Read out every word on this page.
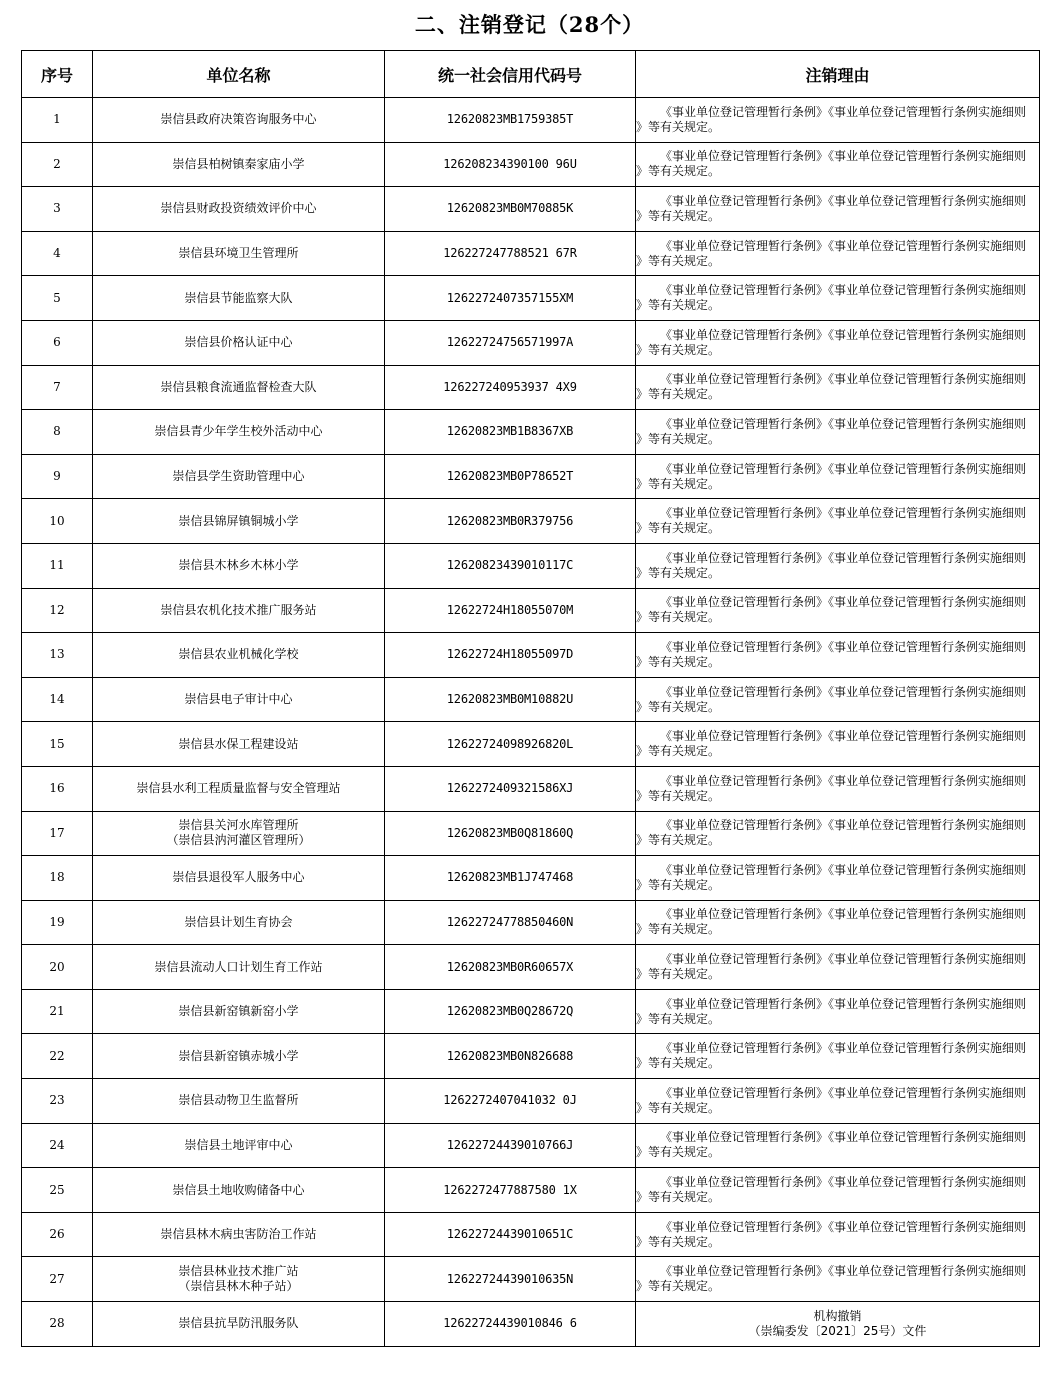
二、注销登记（28个）
序号	单位名称	统一社会信用代码号	注销理由
1	崇信县政府决策咨询服务中心	12620823MB1759385T	《事业单位登记管理暂行条例》《事业单位登记管理暂行条例实施细则
》等有关规定。

2	崇信县柏树镇秦家庙小学	126208234390100 96U	《事业单位登记管理暂行条例》《事业单位登记管理暂行条例实施细则
》等有关规定。

3	崇信县财政投资绩效评价中心	12620823MB0M70885K	《事业单位登记管理暂行条例》《事业单位登记管理暂行条例实施细则
》等有关规定。

4	崇信县环境卫生管理所	126227247788521 67R	《事业单位登记管理暂行条例》《事业单位登记管理暂行条例实施细则
》等有关规定。

5	崇信县节能监察大队	1262272407357155XM	《事业单位登记管理暂行条例》《事业单位登记管理暂行条例实施细则
》等有关规定。

6	崇信县价格认证中心	12622724756571997A	《事业单位登记管理暂行条例》《事业单位登记管理暂行条例实施细则
》等有关规定。

7	崇信县粮食流通监督检查大队	126227240953937 4X9	《事业单位登记管理暂行条例》《事业单位登记管理暂行条例实施细则
》等有关规定。

8	崇信县青少年学生校外活动中心	12620823MB1B8367XB	《事业单位登记管理暂行条例》《事业单位登记管理暂行条例实施细则
》等有关规定。

9	崇信县学生资助管理中心	12620823MB0P78652T	《事业单位登记管理暂行条例》《事业单位登记管理暂行条例实施细则
》等有关规定。

10	崇信县锦屏镇铜城小学	12620823MB0R379756	《事业单位登记管理暂行条例》《事业单位登记管理暂行条例实施细则
》等有关规定。

11	崇信县木林乡木林小学	12620823439010117C	《事业单位登记管理暂行条例》《事业单位登记管理暂行条例实施细则
》等有关规定。

12	崇信县农机化技术推广服务站	12622724H18055070M	《事业单位登记管理暂行条例》《事业单位登记管理暂行条例实施细则
》等有关规定。

13	崇信县农业机械化学校	12622724H18055097D	《事业单位登记管理暂行条例》《事业单位登记管理暂行条例实施细则
》等有关规定。

14	崇信县电子审计中心	12620823MB0M10882U	《事业单位登记管理暂行条例》《事业单位登记管理暂行条例实施细则
》等有关规定。

15	崇信县水保工程建设站	12622724098926820L	《事业单位登记管理暂行条例》《事业单位登记管理暂行条例实施细则
》等有关规定。

16	崇信县水利工程质量监督与安全管理站	1262272409321586XJ	《事业单位登记管理暂行条例》《事业单位登记管理暂行条例实施细则
》等有关规定。

17	崇信县关河水库管理所
（崇信县汭河灌区管理所）	12620823MB0Q81860Q	《事业单位登记管理暂行条例》《事业单位登记管理暂行条例实施细则
》等有关规定。

18	崇信县退役军人服务中心	12620823MB1J747468	《事业单位登记管理暂行条例》《事业单位登记管理暂行条例实施细则
》等有关规定。

19	崇信县计划生育协会	12622724778850460N	《事业单位登记管理暂行条例》《事业单位登记管理暂行条例实施细则
》等有关规定。

20	崇信县流动人口计划生育工作站	12620823MB0R60657X	《事业单位登记管理暂行条例》《事业单位登记管理暂行条例实施细则
》等有关规定。

21	崇信县新窑镇新窑小学	12620823MB0Q28672Q	《事业单位登记管理暂行条例》《事业单位登记管理暂行条例实施细则
》等有关规定。

22	崇信县新窑镇赤城小学	12620823MB0N826688	《事业单位登记管理暂行条例》《事业单位登记管理暂行条例实施细则
》等有关规定。

23	崇信县动物卫生监督所	1262272407041032 0J	《事业单位登记管理暂行条例》《事业单位登记管理暂行条例实施细则
》等有关规定。

24	崇信县土地评审中心	12622724439010766J	《事业单位登记管理暂行条例》《事业单位登记管理暂行条例实施细则
》等有关规定。

25	崇信县土地收购储备中心	1262272477887580 1X	《事业单位登记管理暂行条例》《事业单位登记管理暂行条例实施细则
》等有关规定。

26	崇信县林木病虫害防治工作站	12622724439010651C	《事业单位登记管理暂行条例》《事业单位登记管理暂行条例实施细则
》等有关规定。

27	崇信县林业技术推广站
（崇信县林木种子站）	12622724439010635N	《事业单位登记管理暂行条例》《事业单位登记管理暂行条例实施细则
》等有关规定。

28	崇信县抗旱防汛服务队	12622724439010846 6	机构撤销
（崇编委发〔2021〕25号）文件
